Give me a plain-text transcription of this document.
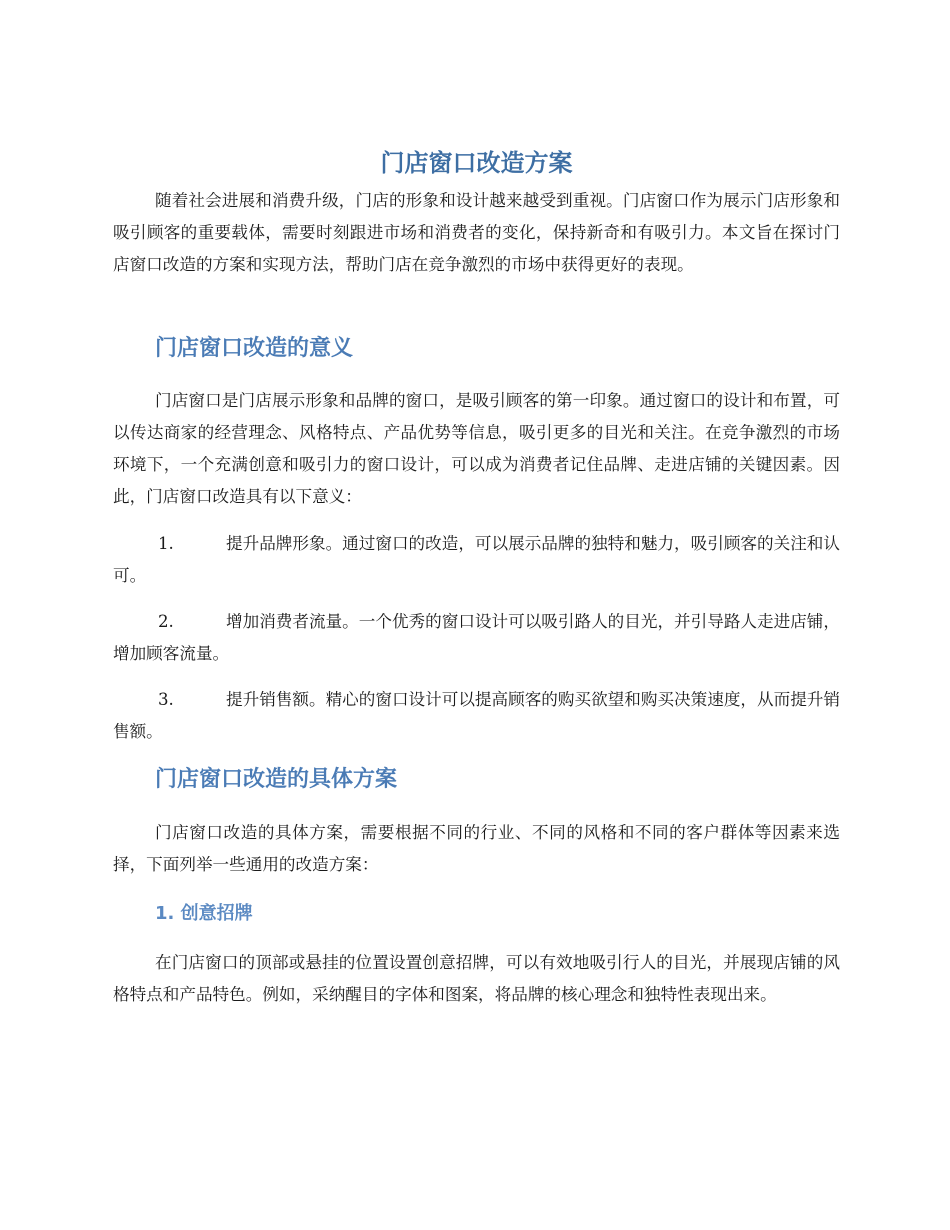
门店窗口改造方案

随着社会进展和消费升级，门店的形象和设计越来越受到重视。门店窗口作为展示门店形象和吸引顾客的重要载体，需要时刻跟进市场和消费者的变化，保持新奇和有吸引力。本文旨在探讨门店窗口改造的方案和实现方法，帮助门店在竞争激烈的市场中获得更好的表现。

门店窗口改造的意义

门店窗口是门店展示形象和品牌的窗口，是吸引顾客的第一印象。通过窗口的设计和布置，可以传达商家的经营理念、风格特点、产品优势等信息，吸引更多的目光和关注。在竞争激烈的市场环境下，一个充满创意和吸引力的窗口设计，可以成为消费者记住品牌、走进店铺的关键因素。因此，门店窗口改造具有以下意义：

1.	提升品牌形象。通过窗口的改造，可以展示品牌的独特和魅力，吸引顾客的关注和认可。

2.	增加消费者流量。一个优秀的窗口设计可以吸引路人的目光，并引导路人走进店铺，增加顾客流量。

3.	提升销售额。精心的窗口设计可以提高顾客的购买欲望和购买决策速度，从而提升销售额。

门店窗口改造的具体方案

门店窗口改造的具体方案，需要根据不同的行业、不同的风格和不同的客户群体等因素来选择，下面列举一些通用的改造方案：

1. 创意招牌

在门店窗口的顶部或悬挂的位置设置创意招牌，可以有效地吸引行人的目光，并展现店铺的风格特点和产品特色。例如，采纳醒目的字体和图案，将品牌的核心理念和独特性表现出来。
